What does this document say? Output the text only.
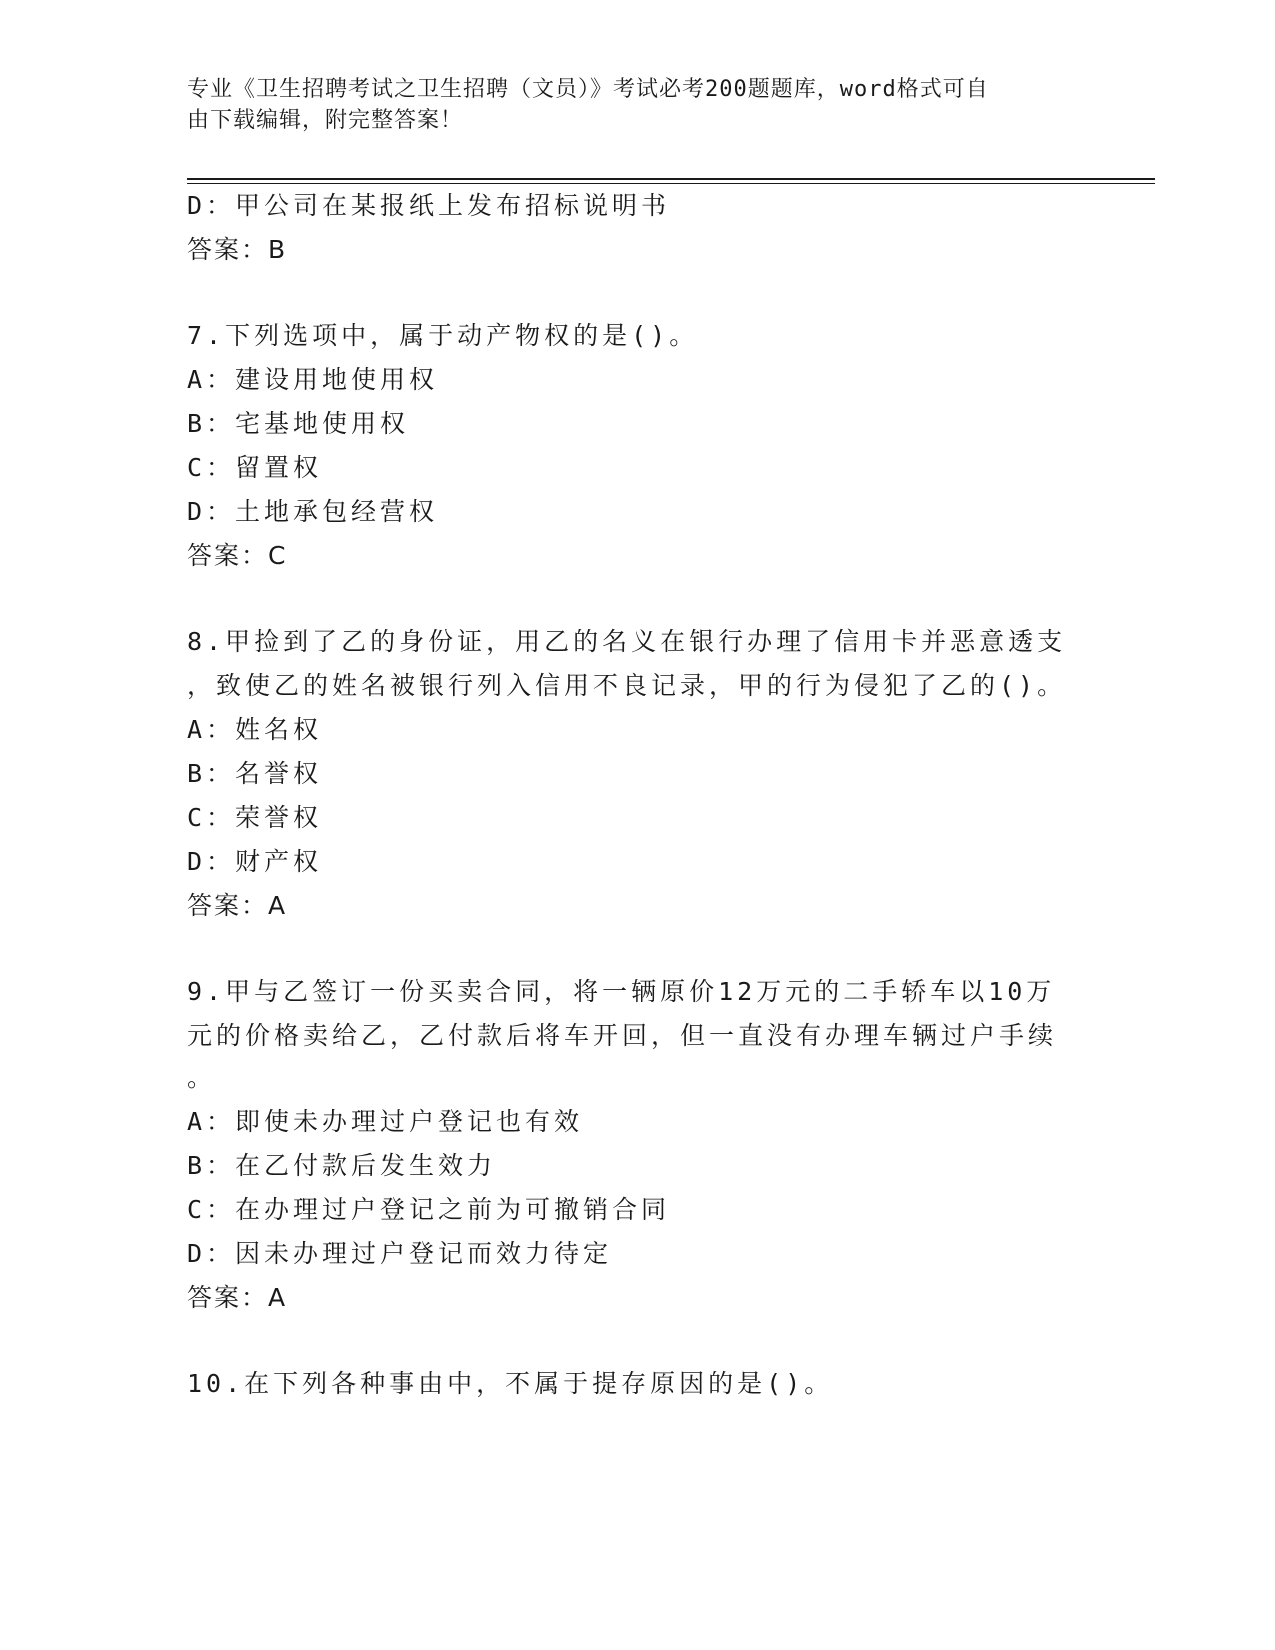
专业《卫生招聘考试之卫生招聘（文员）》考试必考200题题库，word格式可自
由下载编辑，附完整答案！
D：甲公司在某报纸上发布招标说明书
答案：B
7.下列选项中，属于动产物权的是()。
A：建设用地使用权
B：宅基地使用权
C：留置权
D：土地承包经营权
答案：C
8.甲捡到了乙的身份证，用乙的名义在银行办理了信用卡并恶意透支
，致使乙的姓名被银行列入信用不良记录，甲的行为侵犯了乙的()。
A：姓名权
B：名誉权
C：荣誉权
D：财产权
答案：A
9.甲与乙签订一份买卖合同，将一辆原价12万元的二手轿车以10万
元的价格卖给乙，乙付款后将车开回，但一直没有办理车辆过户手续
。
A：即使未办理过户登记也有效
B：在乙付款后发生效力
C：在办理过户登记之前为可撤销合同
D：因未办理过户登记而效力待定
答案：A
10.在下列各种事由中，不属于提存原因的是()。
